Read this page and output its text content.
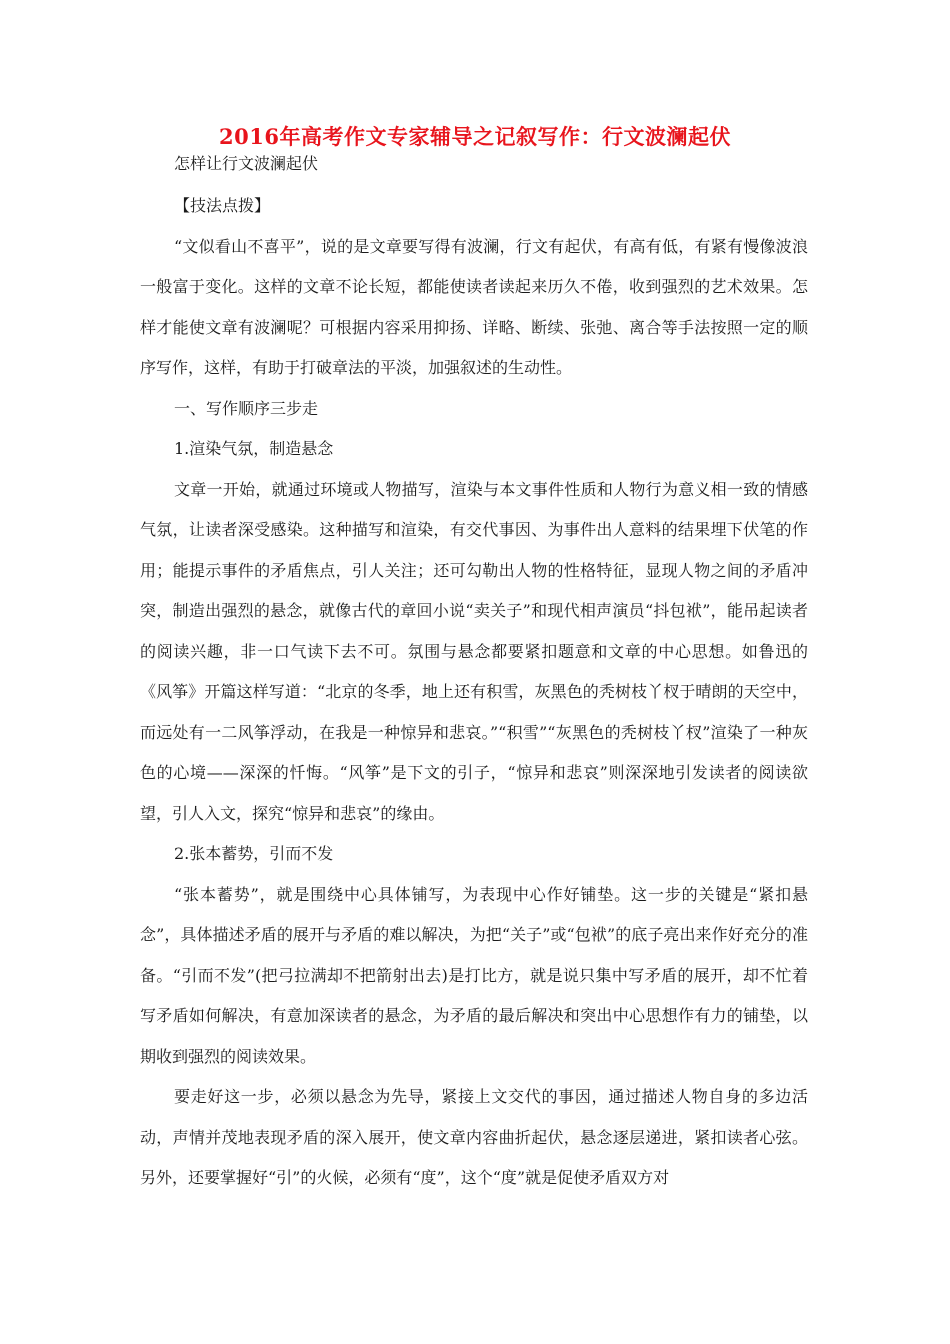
2016年高考作文专家辅导之记叙写作：行文波澜起伏
怎样让行文波澜起伏

【技法点拨】

“文似看山不喜平”，说的是文章要写得有波澜，行文有起伏，有高有低，有紧有慢像波浪一般富于变化。这样的文章不论长短，都能使读者读起来历久不倦，收到强烈的艺术效果。怎样才能使文章有波澜呢？可根据内容采用抑扬、详略、断续、张弛、离合等手法按照一定的顺序写作，这样，有助于打破章法的平淡，加强叙述的生动性。

一、写作顺序三步走

1.渲染气氛，制造悬念

文章一开始，就通过环境或人物描写，渲染与本文事件性质和人物行为意义相一致的情感气氛，让读者深受感染。这种描写和渲染，有交代事因、为事件出人意料的结果埋下伏笔的作用；能提示事件的矛盾焦点，引人关注；还可勾勒出人物的性格特征，显现人物之间的矛盾冲突，制造出强烈的悬念，就像古代的章回小说“卖关子”和现代相声演员“抖包袱”，能吊起读者的阅读兴趣，非一口气读下去不可。氛围与悬念都要紧扣题意和文章的中心思想。如鲁迅的《风筝》开篇这样写道：“北京的冬季，地上还有积雪，灰黑色的秃树枝丫杈于晴朗的天空中，而远处有一二风筝浮动，在我是一种惊异和悲哀。”“积雪”“灰黑色的秃树枝丫杈”渲染了一种灰色的心境——深深的忏悔。“风筝”是下文的引子，“惊异和悲哀”则深深地引发读者的阅读欲望，引人入文，探究“惊异和悲哀”的缘由。

2.张本蓄势，引而不发

“张本蓄势”，就是围绕中心具体铺写，为表现中心作好铺垫。这一步的关键是“紧扣悬念”，具体描述矛盾的展开与矛盾的难以解决，为把“关子”或“包袱”的底子亮出来作好充分的准备。“引而不发”(把弓拉满却不把箭射出去)是打比方，就是说只集中写矛盾的展开，却不忙着写矛盾如何解决，有意加深读者的悬念，为矛盾的最后解决和突出中心思想作有力的铺垫，以期收到强烈的阅读效果。

要走好这一步，必须以悬念为先导，紧接上文交代的事因，通过描述人物自身的多边活动，声情并茂地表现矛盾的深入展开，使文章内容曲折起伏，悬念逐层递进，紧扣读者心弦。另外，还要掌握好“引”的火候，必须有“度”，这个“度”就是促使矛盾双方对
